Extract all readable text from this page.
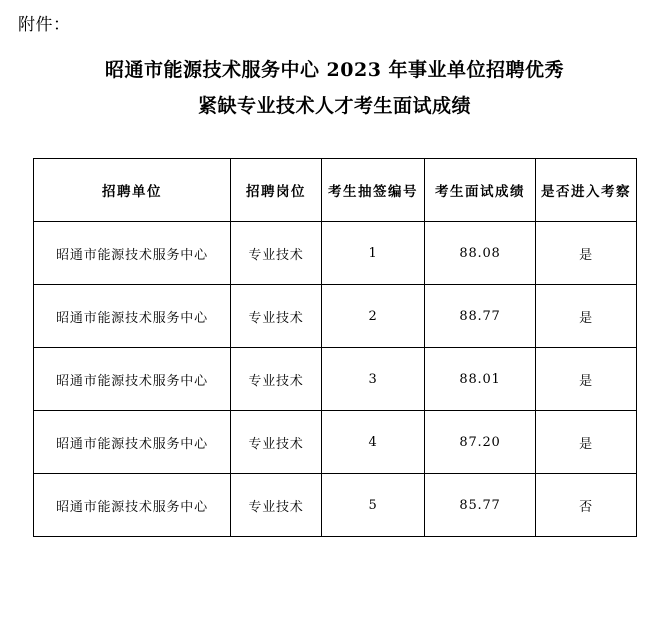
附件：
昭通市能源技术服务中心 2023 年事业单位招聘优秀
紧缺专业技术人才考生面试成绩
招聘单位	招聘岗位	考生抽签编号	考生面试成绩	是否进入考察
昭通市能源技术服务中心	专业技术	1	88.08	是
昭通市能源技术服务中心	专业技术	2	88.77	是
昭通市能源技术服务中心	专业技术	3	88.01	是
昭通市能源技术服务中心	专业技术	4	87.20	是
昭通市能源技术服务中心	专业技术	5	85.77	否
